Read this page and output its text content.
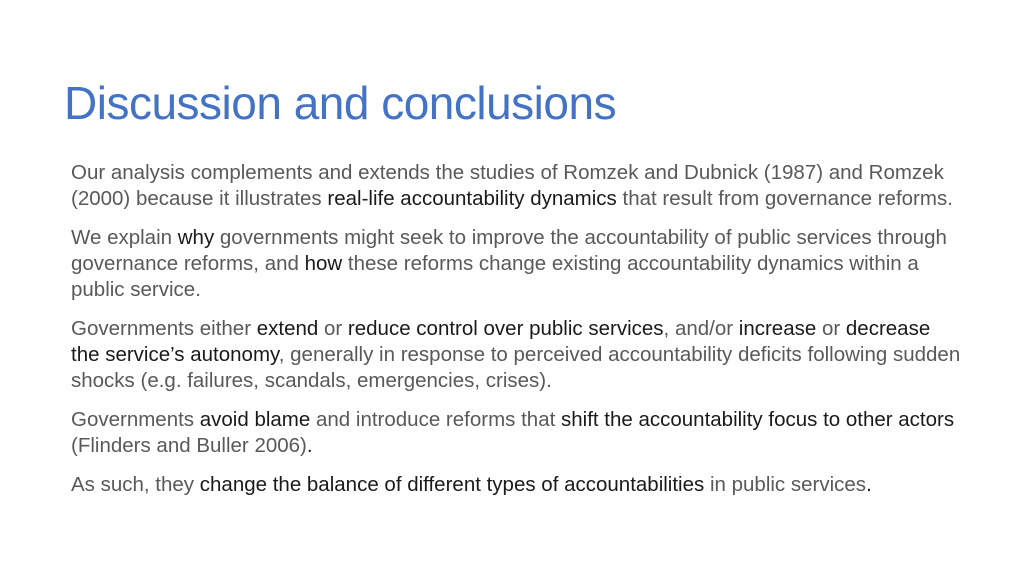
Discussion and conclusions

Our analysis complements and extends the studies of Romzek and Dubnick (1987) and Romzek (2000) because it illustrates real-life accountability dynamics that result from governance reforms.

We explain why governments might seek to improve the accountability of public services through governance reforms, and how these reforms change existing accountability dynamics within a public service.

Governments either extend or reduce control over public services, and/or increase or decrease the service’s autonomy, generally in response to perceived accountability deficits following sudden shocks (e.g. failures, scandals, emergencies, crises).

Governments avoid blame and introduce reforms that shift the accountability focus to other actors (Flinders and Buller 2006).

As such, they change the balance of different types of accountabilities in public services.
